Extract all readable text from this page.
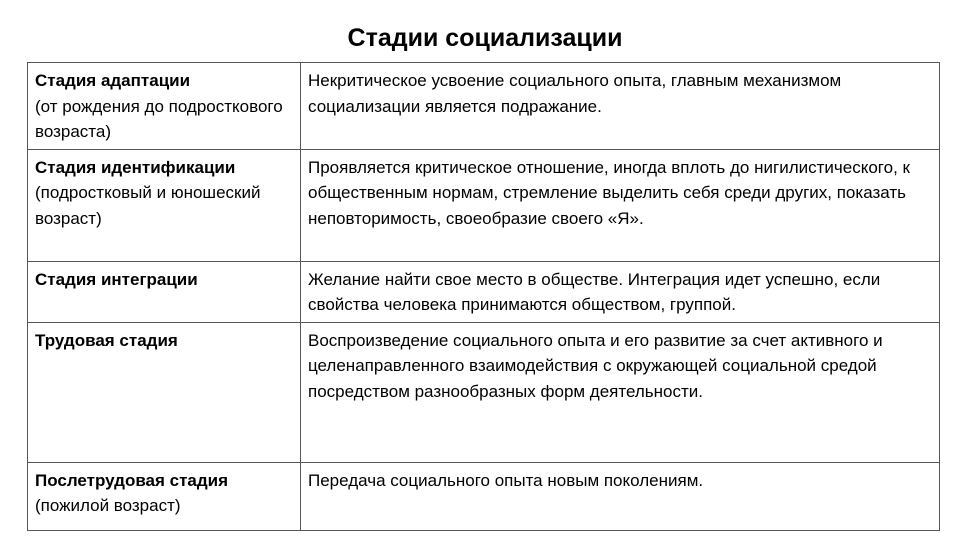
Стадии социализации
Стадия адаптации
(от рождения до подросткового возраста)	Некритическое усвоение социального опыта, главным механизмом социализации является подражание.

Стадия идентификации
(подростковый и юношеский возраст)	Проявляется критическое отношение, иногда вплоть до нигилистического, к общественным нормам, стремление выделить себя среди других, показать неповторимость, своеобразие своего «Я».

Стадия интеграции	Желание найти свое место в обществе. Интеграция идет успешно, если свойства человека принимаются обществом, группой.

Трудовая стадия	Воспроизведение социального опыта и его развитие за счет активного и целенаправленного взаимодействия с окружающей социальной средой посредством разнообразных форм деятельности.

Послетрудовая стадия
(пожилой возраст)	Передача социального опыта новым поколениям.
